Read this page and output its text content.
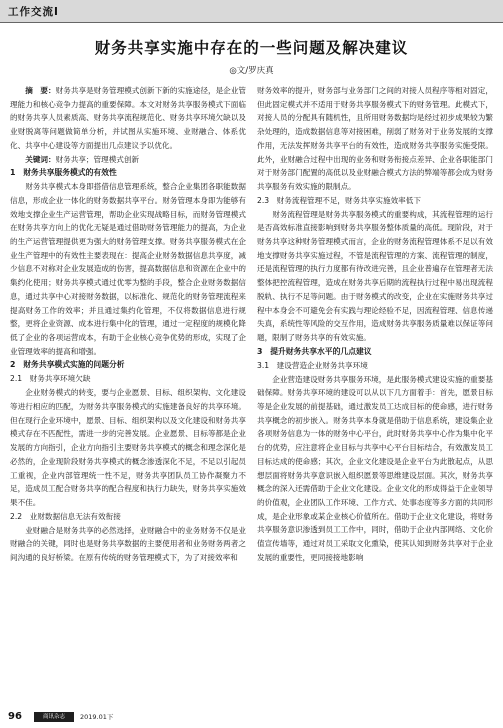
工作交流Ⅰ
财务共享实施中存在的一些问题及解决建议
◎文/罗庆真

摘　要：财务共享是财务管理模式创新下新的实施途径，是企业管理能力和核心竞争力提高的重要保障。本文对财务共享服务模式下面临的财务共享人员素质高、财务共享流程规范化、财务共享环境欠缺以及业财脱离等问题做简单分析，并试图从实施环境、业财融合、体系优化、共享中心建设等方面提出几点建议予以优化。

关键词：财务共享；管理模式创新

1　财务共享服务模式的有效性

财务共享模式本身即搭借信息管理系统，整合企业集团各职能数据信息，形成企业一体化的财务数据共享平台。财务管理本身即为能够有效地支撑企业生产运营管理，帮助企业实现战略目标，而财务管理模式在财务共享方向上的优化无疑是通过借助财务管理能力的提高，为企业的生产运营管理提供更为强大的财务管理支撑。财务共享服务模式在企业生产管理中的有效性主要表现在：提高企业财务数据信息共享度，减少信息不对称对企业发展造成的伤害，提高数据信息和资源在企业中的集约化使用；财务共享模式通过优零为整的手段，整合企业财务数据信息，通过共享中心对接财务数据，以标准化、规范化的财务管理流程来提高财务工作的效率；并且通过集约化管理，不仅将数据信息进行规整，更将企业资源、成本进行集中化的管理，通过一定程度的规模化降低了企业的各项运营成本，有助于企业核心竞争优势的形成，实现了企业管理效率的提高和增强。

2　财务共享模式实施的问题分析
2.1　财务共享环境欠缺

企业财务模式的转变，要与企业愿景、目标、组织架构、文化建设等进行相应的匹配，为财务共享服务模式的实施建备良好的共享环境。但在现行企业环境中，愿景、目标、组织架构以及文化建设和财务共享模式存在不匹配性，需进一步的完善发展。企业愿景、目标等都是企业发展的方向指引，企业方向指引主要财务共享模式的概念和理念深化是必然的，企业现阶段财务共享模式的概念渗透深化不足，不足以引起员工重视，企业内部管理统一性不足，财务共享团队员工协作凝聚力不足，造成员工配合财务共享的配合程度和执行力缺失，财务共享实施效果不佳。

2.2　业财数据信息无法有效衔接

业财融合是财务共享的必然选择，业财融合中的业务财务不仅是业财融合的关键，同时也是财务共享数据的主要使用者和业务财务两者之间沟通的良好桥梁。在原有传统的财务管理模式下，为了对接效率和

财务效率的提升，财务部与业务部门之间的对接人员程序等相对固定，但此固定模式并不适用于财务共享服务模式下的财务管理。此模式下，对接人员的分配具有随机性，且所用财务数据均是经过初步成果较为繁杂处理的，造成数据信息等对接困难，削弱了财务对于业务发展的支撑作用，无法发挥财务共享平台的有效性，造成财务共享服务实施受限。此外，业财融合过程中出现的业务和财务衔接点差异、企业各职能部门对于财务部门配置的高低以及业财融合模式方法的弊端等都会成为财务共享服务有效实施的限制点。

2.3　财务流程管理不足，财务共享实施效率低下

财务流程管理是财务共享服务模式的重要构成，其流程管理的运行是否高效标准直接影响到财务共享服务整体质量的高低。现阶段，对于财务共享这种财务管理模式而言，企业的财务流程管理体系不足以有效地支撑财务共享实施过程，不管是流程管理的方案、流程管理的制度，还是流程管理的执行力度都有待改进完善，且企业普遍存在管理者无法整体把控流程管理，造成在财务共享后期的流程执行过程中易出现流程脱轨、执行不足等问题。由于财务模式的改变，企业在实施财务共享过程中本身会不可避免会有实践与理论经验不足，因流程管理、信息传递失真，系统性等风险的交互作用，造成财务共享服务质量难以保证等问题，限制了财务共享的有效实施。

3　提升财务共享水平的几点建议
3.1　建设营造企业财务共享环境

企业营造建设财务共享服务环境，是此服务模式建设实施的重要基础保障。财务共享环境的建设可以从以下几方面着手：首先，愿景目标等是企业发展的前提基础，通过激发员工达成目标的使命感，进行财务共享概念的初步嵌入。财务共享本身就是借助于信息系统，建设集企业各项财务信息为一体的财务中心平台，此时财务共享中心作为集中化平台的优势，应注意将企业目标与共享中心平台目标结合，有效激发员工目标达成的使命感；其次，企业文化建设是企业平台为此散起点，从思想层面将财务共享意识嵌入组织愿景等思维建设层面。其次，财务共享概念的深入还需借助于企业文化建设。企业文化的形成得益于企业领导的价值观，企业团队工作环境、工作方式、处事态度等多方面的共同形成，是企业形象或某企业核心价值所在。借助于企业文化建设，将财务共享服务意识渗透到员工工作中，同时，借助于企业内部网络、文化价值宣传墙等，通过对员工采取文化熏染，使其认知到财务共享对于企业发展的重要性，更同接接地影响

96	商讯杂志	2019.01下
